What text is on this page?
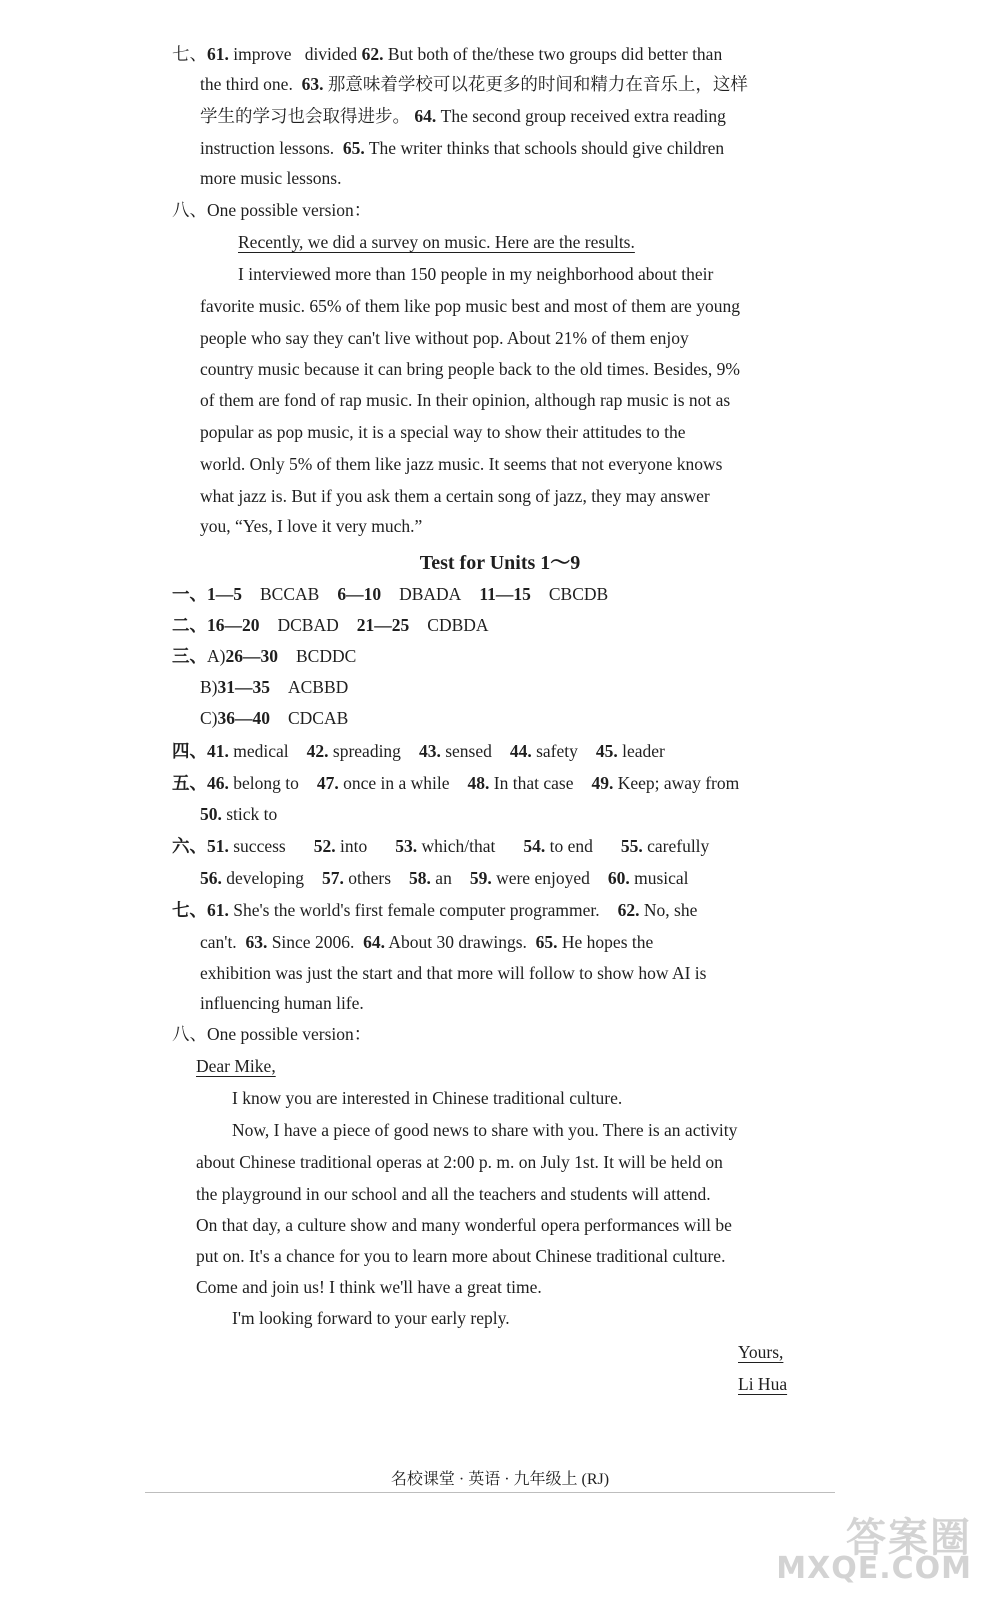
七、61. improve   divided 62. But both of the/these two groups did better than
the third one.  63. 那意味着学校可以花更多的时间和精力在音乐上，这样
学生的学习也会取得进步。 64. The second group received extra reading
instruction lessons.  65. The writer thinks that schools should give children
more music lessons.
八、One possible version：
Recently, we did a survey on music. Here are the results.
I interviewed more than 150 people in my neighborhood about their
favorite music. 65% of them like pop music best and most of them are young
people who say they can't live without pop. About 21% of them enjoy
country music because it can bring people back to the old times. Besides, 9%
of them are fond of rap music. In their opinion, although rap music is not as
popular as pop music, it is a special way to show their attitudes to the
world. Only 5% of them like jazz music. It seems that not everyone knows
what jazz is. But if you ask them a certain song of jazz, they may answer
you, “Yes, I love it very much.”
Test for Units 1～9
一、1—5 BCCAB 6—10 DBADA 11—15 CBCDB
二、16—20 DCBAD 21—25 CDBDA
三、A)26—30 BCDDC
B)31—35 ACBBD
C)36—40 CDCAB
四、41. medical 42. spreading 43. sensed 44. safety 45. leader
五、46. belong to 47. once in a while 48. In that case 49. Keep; away from
50. stick to
六、51. success 52. into 53. which/that 54. to end 55. carefully
56. developing 57. others 58. an 59. were enjoyed 60. musical
七、61. She's the world's first female computer programmer. 62. No, she
can't.  63. Since 2006.  64. About 30 drawings.  65. He hopes the
exhibition was just the start and that more will follow to show how AI is
influencing human life.
八、One possible version：
Dear Mike,
I know you are interested in Chinese traditional culture.
Now, I have a piece of good news to share with you. There is an activity
about Chinese traditional operas at 2:00 p. m. on July 1st. It will be held on
the playground in our school and all the teachers and students will attend.
On that day, a culture show and many wonderful opera performances will be
put on. It's a chance for you to learn more about Chinese traditional culture.
Come and join us! I think we'll have a great time.
I'm looking forward to your early reply.
Yours,
Li Hua
名校课堂 · 英语 · 九年级上 (RJ)
答案圈
MXQE.COM
